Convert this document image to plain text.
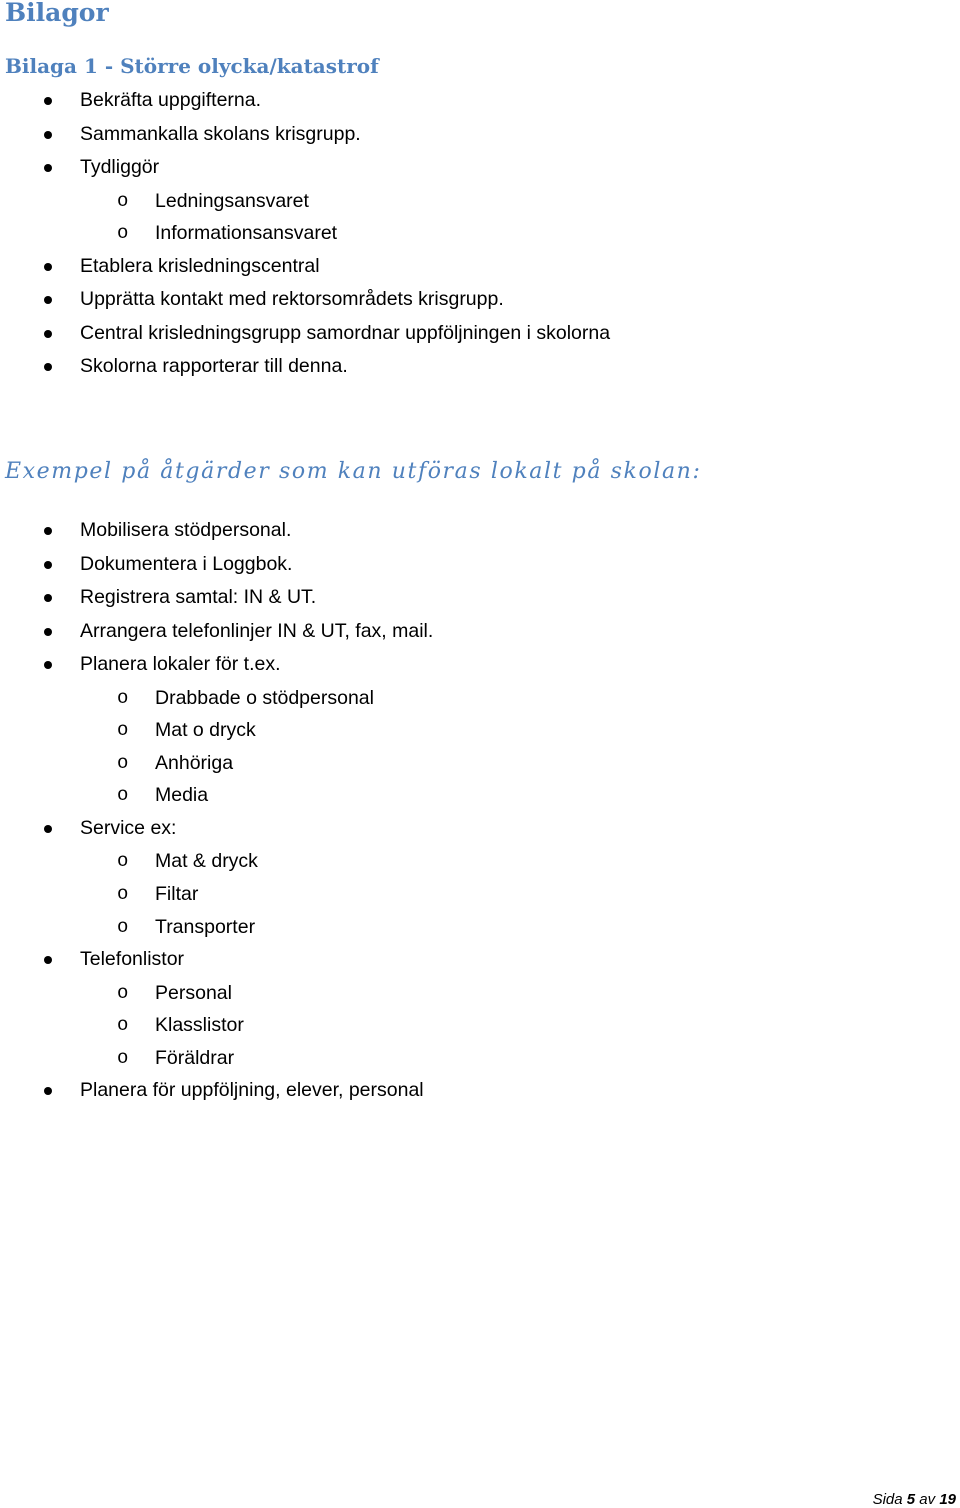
Bilagor
Bilaga 1 - Större olycka/katastrof
Bekräfta uppgifterna.
Sammankalla skolans krisgrupp.
Tydliggör
o Ledningsansvaret
o Informationsansvaret
Etablera krisledningscentral
Upprätta kontakt med rektorsområdets krisgrupp.
Central krisledningsgrupp samordnar uppföljningen i skolorna
Skolorna rapporterar till denna.
Exempel på åtgärder som kan utföras lokalt på skolan:
Mobilisera stödpersonal.
Dokumentera i Loggbok.
Registrera samtal: IN & UT.
Arrangera telefonlinjer IN & UT, fax, mail.
Planera lokaler för t.ex.
o Drabbade o stödpersonal
o Mat o dryck
o Anhöriga
o Media
Service ex:
o Mat & dryck
o Filtar
o Transporter
Telefonlistor
o Personal
o Klasslistor
o Föräldrar
Planera för uppföljning, elever, personal
Sida 5 av 19
